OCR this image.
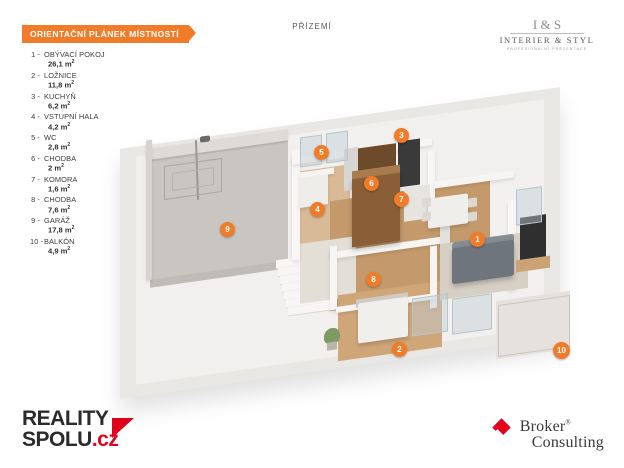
ORIENTAČNÍ PLÁNEK MÍSTNOSTÍ
1 - OBÝVACÍ POKOJ
26,1 $m^2$
2 - LOŽNICE
11,8 $m^2$
3 - KUCHYŇ
6,2 $m^2$
4 - VSTUPNÍ HALA
4,2 $m^2$
5 - WC
2,8 $m^2$
6 - CHODBA
2 $m^2$
7 - KOMORA
1,6 $m^2$
8 - CHODBA
7,6 $m^2$
9 - GARÁŽ
17,8 $m^2$
10 -BALKÓN
4,9 $m^2$
PŘÍZEMÍ	I & S
INTERIER & STYL
PROFESIONÁLNÍ PREZENTACE
1
2
3
4
5
6
7
8
9
10
REALITY
SPOLU.cz
Broker®
Consulting
